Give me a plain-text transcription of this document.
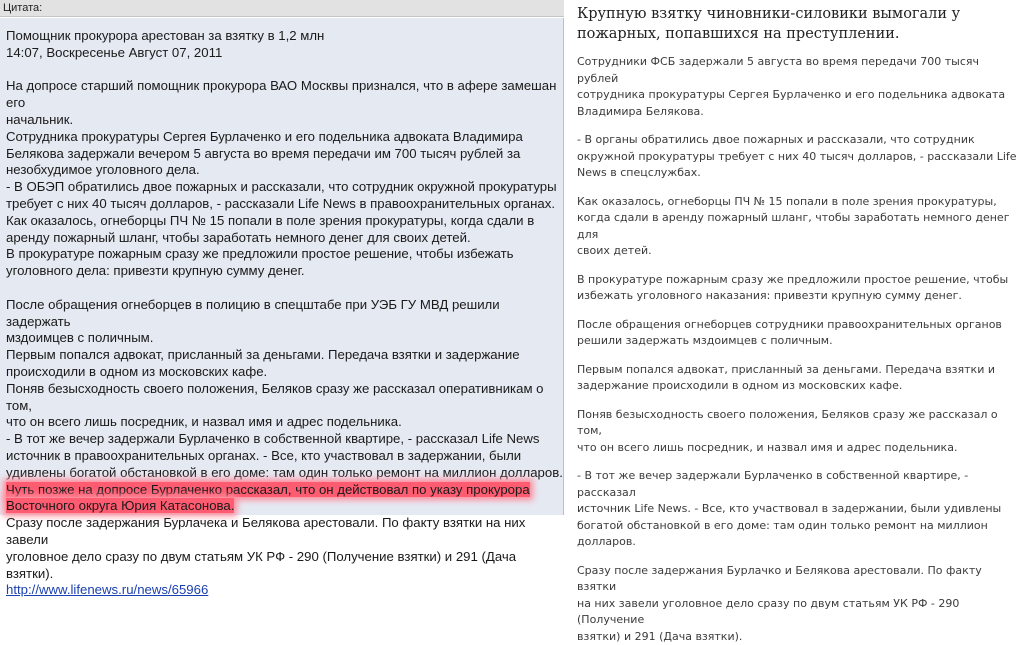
Цитата:

Помощник прокурора арестован за взятку в 1,2 млн

14:07, Воскресенье Август 07, 2011

На допросе старший помощник прокурора ВАО Москвы признался, что в афере замешан его

начальник.

Сотрудника прокуратуры Сергея Бурлаченко и его подельника адвоката Владимира

Белякова задержали вечером 5 августа во время передачи им 700 тысяч рублей за

незобхудимое уголовного дела.

- В ОБЭП обратились двое пожарных и рассказали, что сотрудник окружной прокуратуры

требует с них 40 тысяч долларов, - рассказали Life News в правоохранительных органах.

Как оказалось, огнеборцы ПЧ № 15 попали в поле зрения прокуратуры, когда сдали в

аренду пожарный шланг, чтобы заработать немного денег для своих детей.

В прокуратуре пожарным сразу же предложили простое решение, чтобы избежать

уголовного дела: привезти крупную сумму денег.

После обращения огнеборцев в полицию в спецштабе при УЭБ ГУ МВД решили задержать

мздоимцев с поличным.

Первым попался адвокат, присланный за деньгами. Передача взятки и задержание

происходили в одном из московских кафе.

Поняв безысходность своего положения, Беляков сразу же рассказал оперативникам о том,

что он всего лишь посредник, и назвал имя и адрес подельника.

- В тот же вечер задержали Бурлаченко в собственной квартире, - рассказал Life News

источник в правоохранительных органах. - Все, кто участвовал в задержании, были

удивлены богатой обстановкой в его доме: там один только ремонт на миллион долларов.

Чуть позже на допросе Бурлаченко рассказал, что он действовал по указу прокурора

Восточного округа Юрия Катасонова.

Сразу после задержания Бурлачека и Белякова арестовали. По факту взятки на них завели

уголовное дело сразу по двум статьям УК РФ - 290 (Получение взятки) и 291 (Дача

взятки).

http://www.lifenews.ru/news/65966

Крупную взятку чиновники-силовики вымогали у
пожарных, попавшихся на преступлении.
Сотрудники ФСБ задержали 5 августа во время передачи 700 тысяч рублей
сотрудника прокуратуры Сергея Бурлаченко и его подельника адвоката
Владимира Белякова.
- В органы обратились двое пожарных и рассказали, что сотрудник
окружной прокуратуры требует с них 40 тысяч долларов, - рассказали Life
News в спецслужбах.
Как оказалось, огнеборцы ПЧ № 15 попали в поле зрения прокуратуры,
когда сдали в аренду пожарный шланг, чтобы заработать немного денег для
своих детей.
В прокуратуре пожарным сразу же предложили простое решение, чтобы
избежать уголовного наказания: привезти крупную сумму денег.
После обращения огнеборцев сотрудники правоохранительных органов
решили задержать мздоимцев с поличным.
Первым попался адвокат, присланный за деньгами. Передача взятки и
задержание происходили в одном из московских кафе.
Поняв безысходность своего положения, Беляков сразу же рассказал о том,
что он всего лишь посредник, и назвал имя и адрес подельника.
- В тот же вечер задержали Бурлаченко в собственной квартире, - рассказал
источник Life News. - Все, кто участвовал в задержании, были удивлены
богатой обстановкой в его доме: там один только ремонт на миллион
долларов.
Сразу после задержания Бурлачко и Белякова арестовали. По факту взятки
на них завели уголовное дело сразу по двум статьям УК РФ - 290 (Получение
взятки) и 291 (Дача взятки).
